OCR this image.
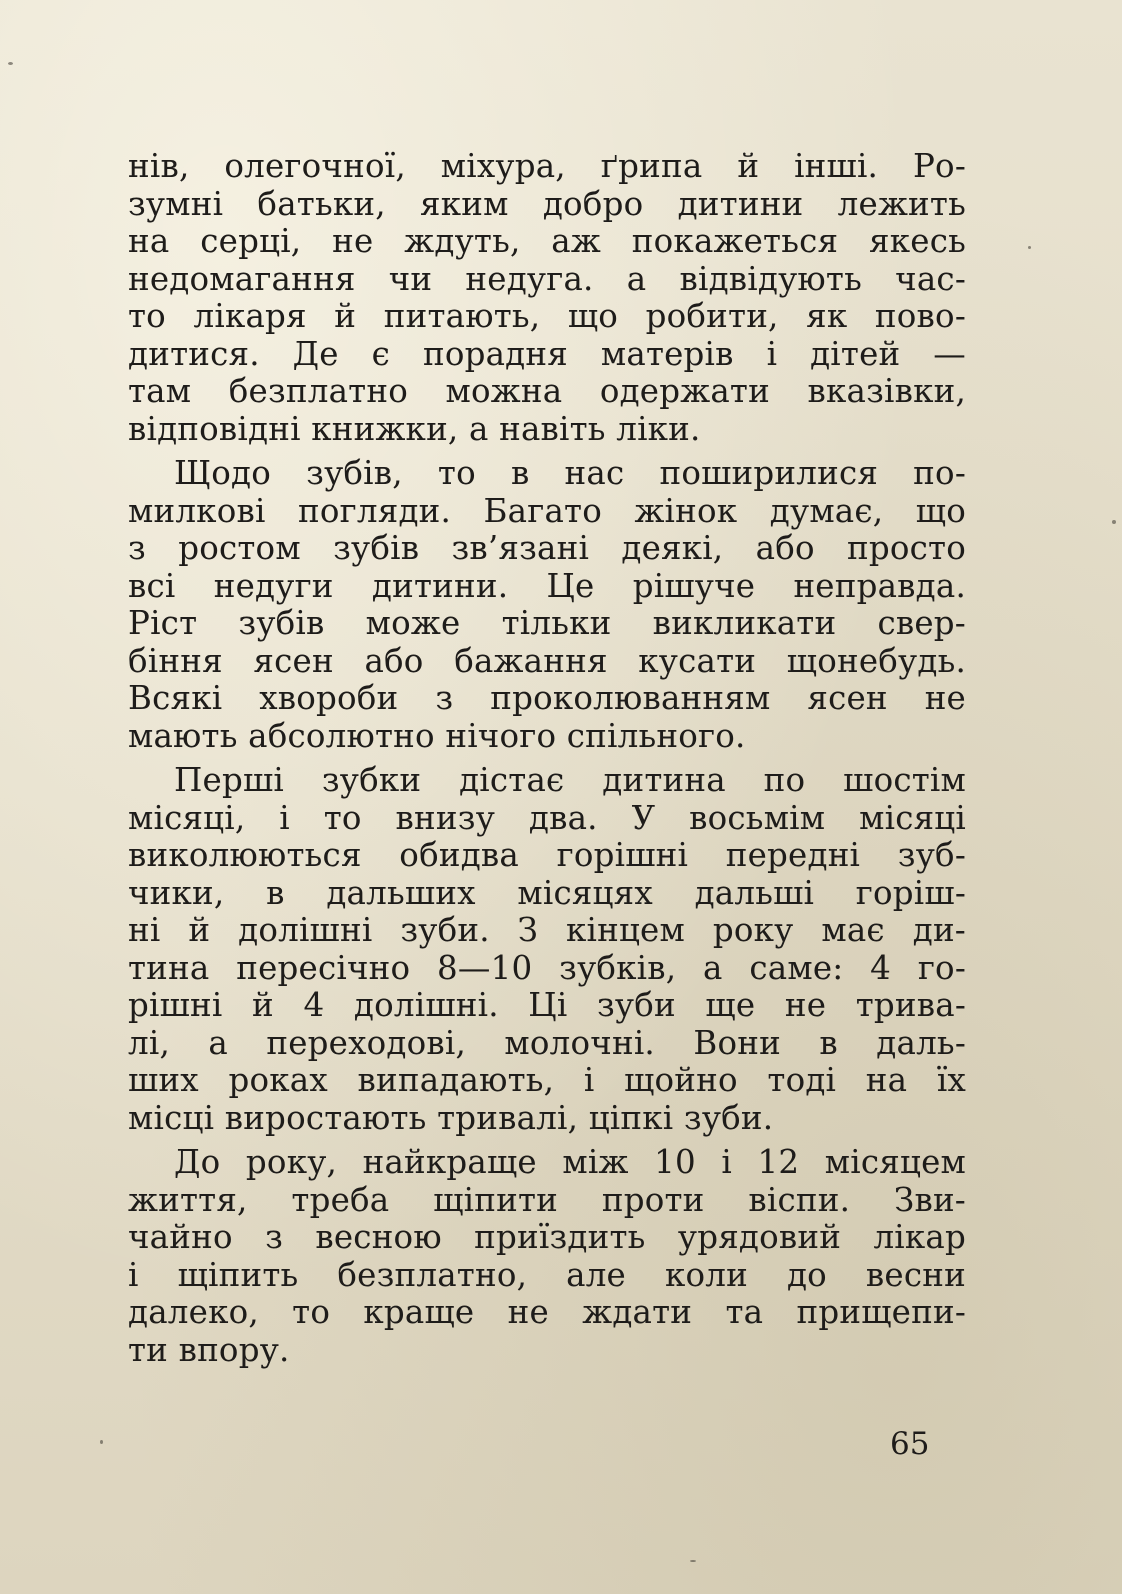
нів, олегочної, міхура, ґрипа й інші. Ро-
зумні батьки, яким добро дитини лежить
на серці, не ждуть, аж покажеться якесь
недомагання чи недуга. а відвідують час-
то лікаря й питають, що робити, як пово-
дитися. Де є порадня матерів і дітей —
там безплатно можна одержати вказівки,
відповідні книжки, а навіть ліки.

Щодо зубів, то в нас поширилися по-
милкові погляди. Багато жінок думає, що
з ростом зубів зв’язані деякі, або просто
всі недуги дитини. Це рішуче неправда.
Ріст зубів може тільки викликати свер-
біння ясен або бажання кусати щонебудь.
Всякі хвороби з проколюванням ясен не
мають абсолютно нічого спільного.

Перші зубки дістає дитина по шостім
місяці, і то внизу два. У восьмім місяці
виколюються обидва горішні передні зуб-
чики, в дальших місяцях дальші горіш-
ні й долішні зуби. З кінцем року має ди-
тина пересічно 8—10 зубків, а саме: 4 го-
рішні й 4 долішні. Ці зуби ще не трива-
лі, а переходові, молочні. Вони в даль-
ших роках випадають, і щойно тоді на їх
місці виростають тривалі, ціпкі зуби.

До року, найкраще між 10 і 12 місяцем
життя, треба щіпити проти віспи. Зви-
чайно з весною приїздить урядовий лікар
і щіпить безплатно, але коли до весни
далеко, то краще не ждати та прищепи-
ти впору.

65
